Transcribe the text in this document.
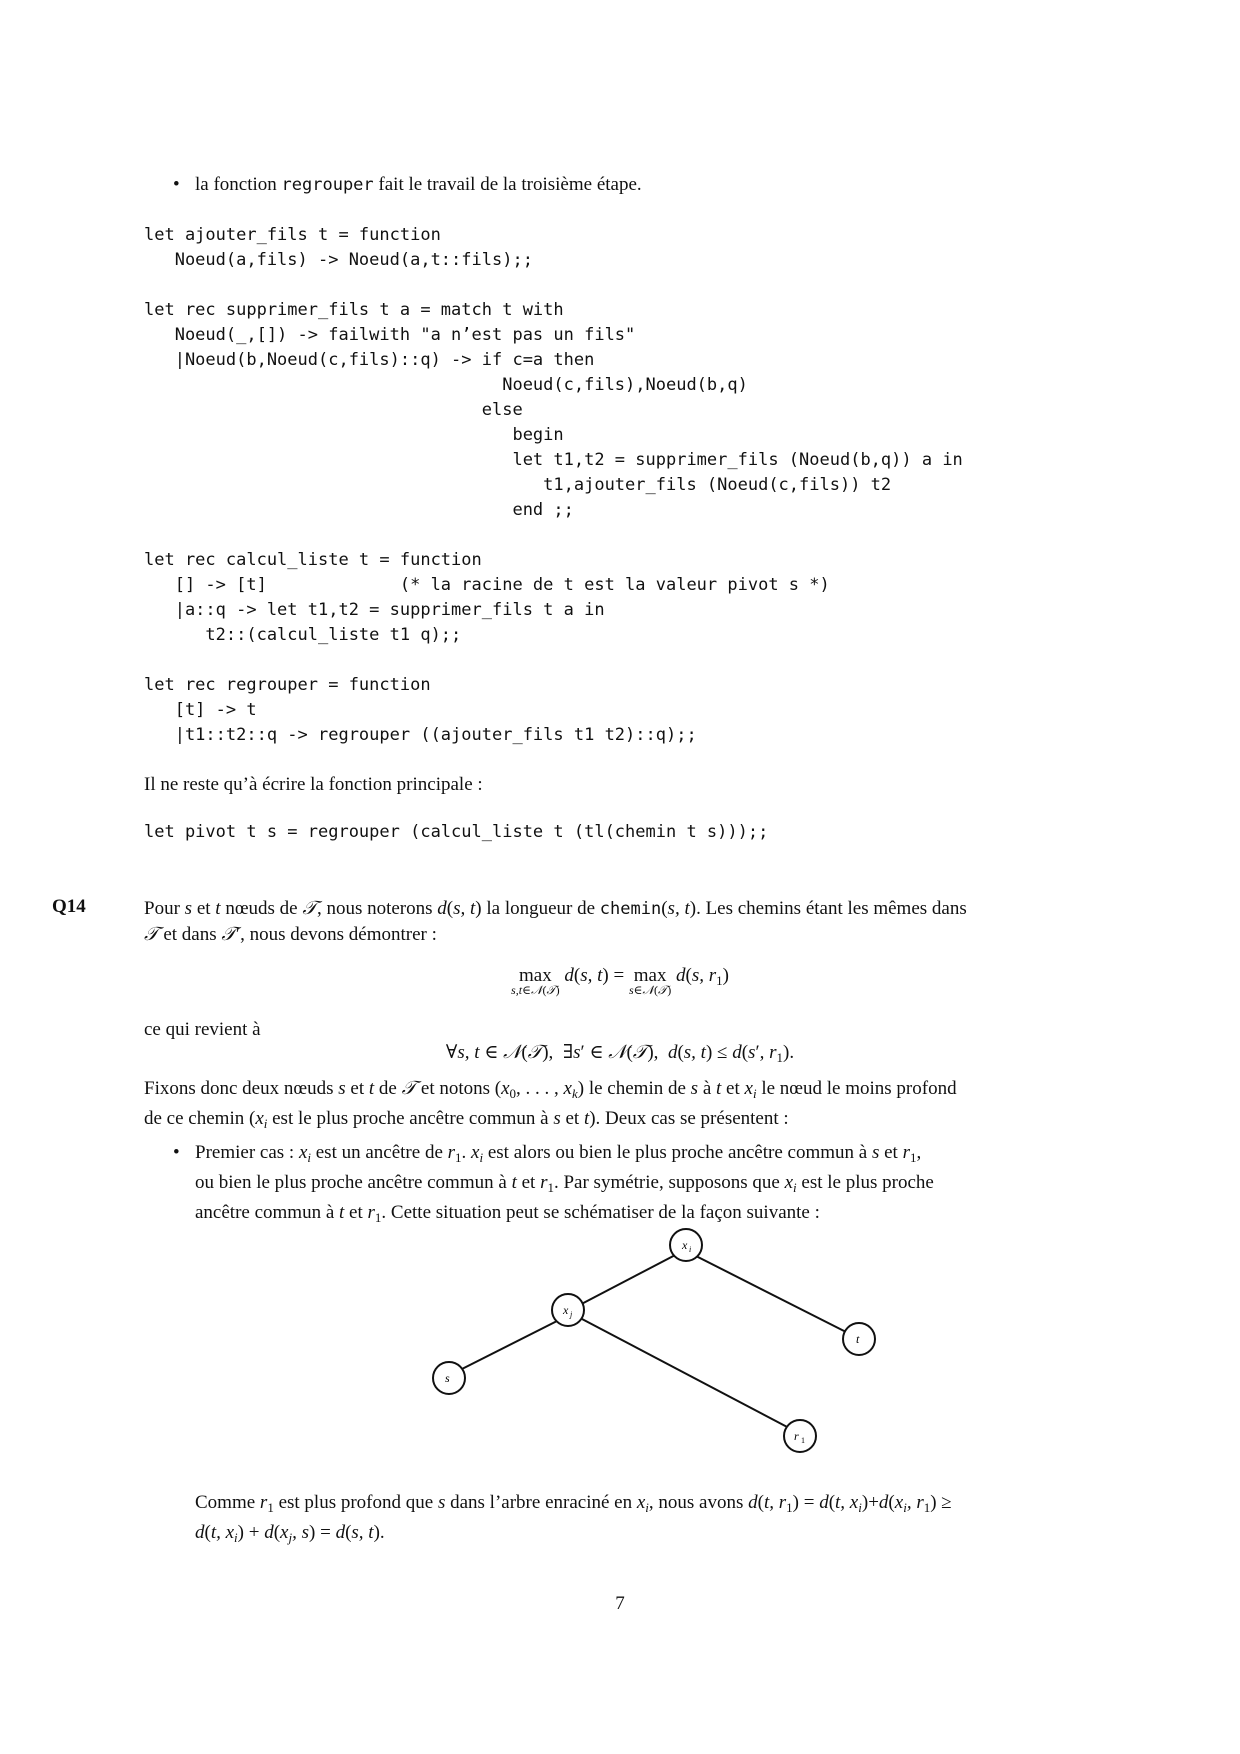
• la fonction regrouper fait le travail de la troisième étape.
let ajouter_fils t = function
Noeud(a,fils) -> Noeud(a,t::fils);;

let rec supprimer_fils t a = match t with
Noeud(_,[]) -> failwith "a n’est pas un fils"
|Noeud(b,Noeud(c,fils)::q) -> if c=a then
Noeud(c,fils),Noeud(b,q)
else
begin
let t1,t2 = supprimer_fils (Noeud(b,q)) a in
t1,ajouter_fils (Noeud(c,fils)) t2
end ;;

let rec calcul_liste t = function
[] -> [t]             (* la racine de t est la valeur pivot s *)
|a::q -> let t1,t2 = supprimer_fils t a in
t2::(calcul_liste t1 q);;

let rec regrouper = function
[t] -> t
|t1::t2::q -> regrouper ((ajouter_fils t1 t2)::q);;
Il ne reste qu’à écrire la fonction principale :
let pivot t s = regrouper (calcul_liste t (tl(chemin t s)));;
Q14	Pour s et t nœuds de 𝒯, nous noterons d(s, t) la longueur de chemin(s, t). Les chemins étant les mêmes dans
𝒯 et dans 𝒯′, nous devons démontrer :
max
s,t∈𝒩(𝒯)
d(s, t) = max
s∈𝒩(𝒯)
d(s, $r_1$)
ce qui revient à
∀s, t ∈ 𝒩(𝒯),  ∃s′ ∈ 𝒩(𝒯),  d(s, t) ≤ d(s′, $r_1$).
Fixons donc deux nœuds s et t de 𝒯 et notons ($x_0$, . . . , $x_k$) le chemin de s à t et $x_i$ le nœud le moins profond
de ce chemin ($x_i$ est le plus proche ancêtre commun à s et t). Deux cas se présentent :
• Premier cas : $x_i$ est un ancêtre de $r_1$. $x_i$ est alors ou bien le plus proche ancêtre commun à s et $r_1$,
ou bien le plus proche ancêtre commun à t et $r_1$. Par symétrie, supposons que $x_i$ est le plus proche
ancêtre commun à t et $r_1$. Cette situation peut se schématiser de la façon suivante :
x i
x j
t
s
r 1
Comme $r_1$ est plus profond que s dans l’arbre enraciné en $x_i$, nous avons d(t, $r_1) = d(t$, $x_i)+d(x_i$, $r_1$) ≥
d(t, $x_i) + d(x_j$, s) = d(s, t).
7
